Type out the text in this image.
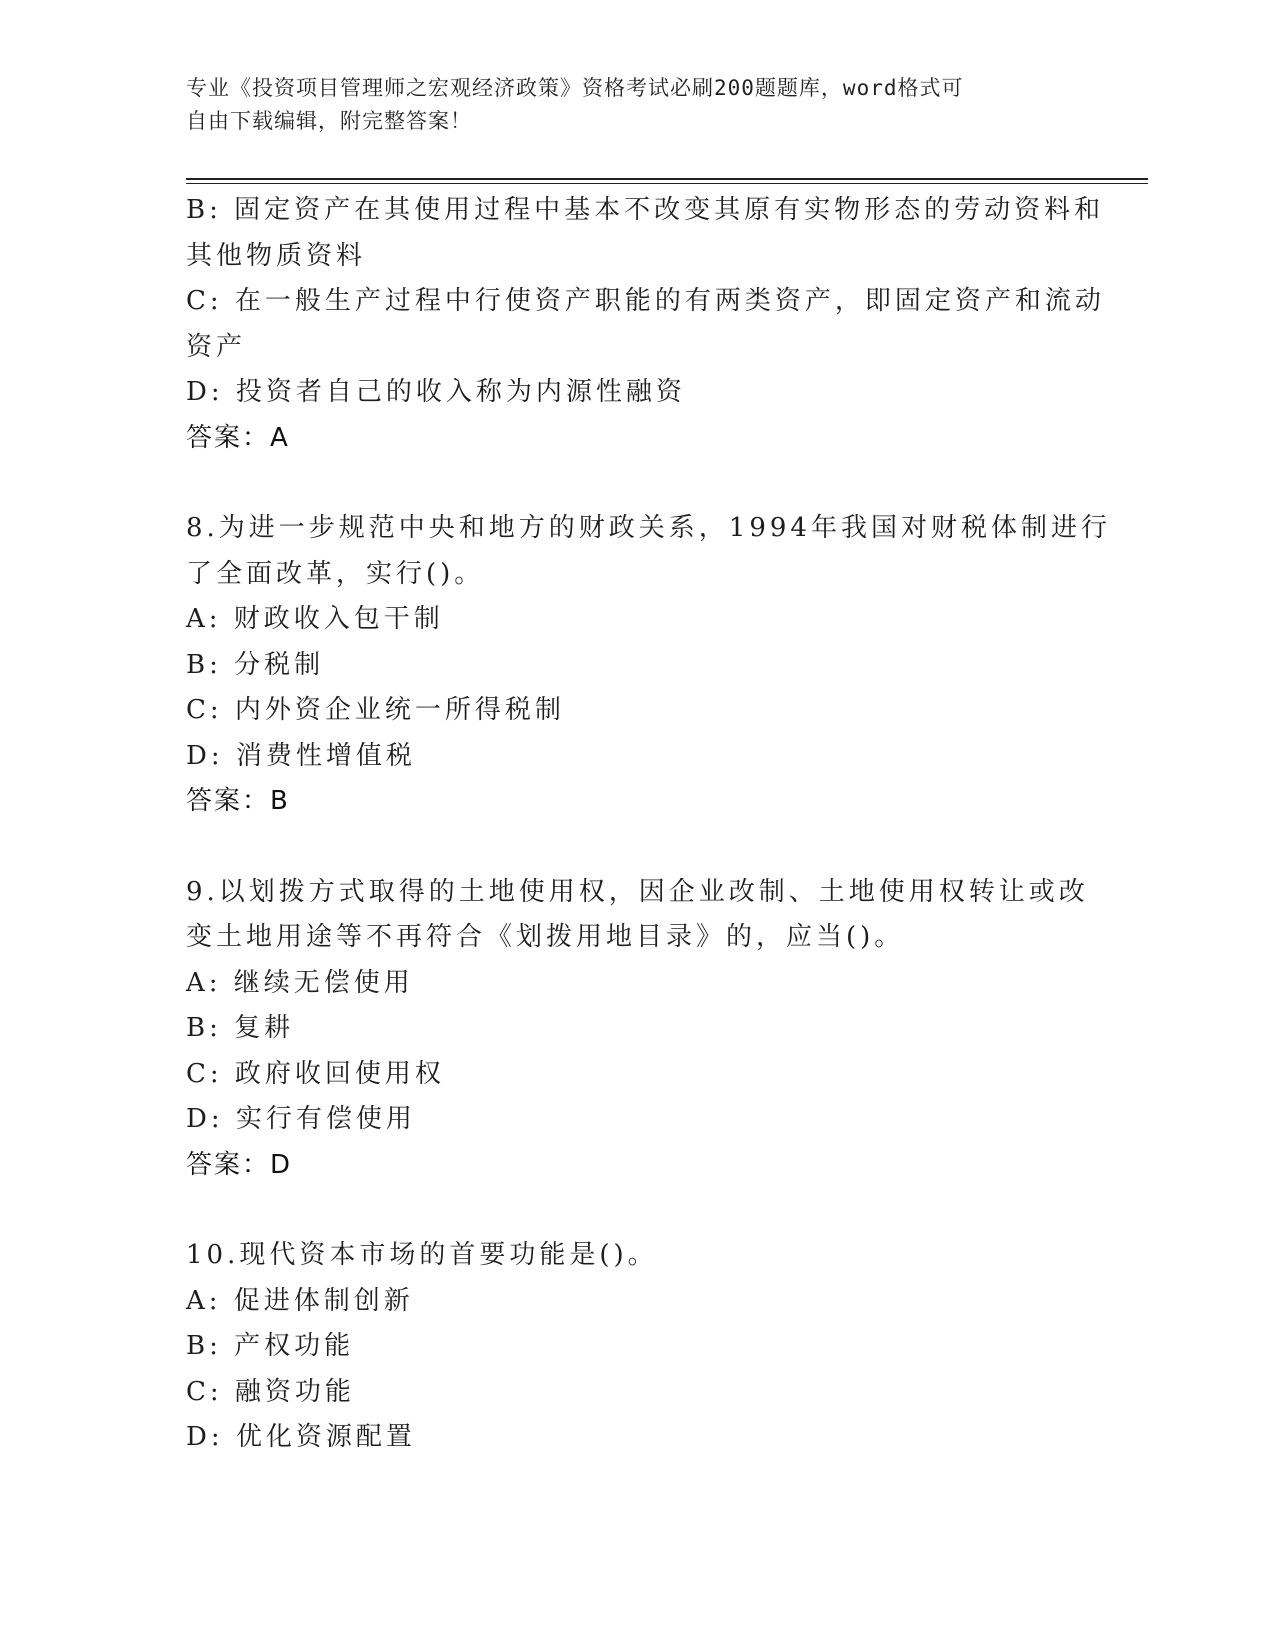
专业《投资项目管理师之宏观经济政策》资格考试必刷200题题库，word格式可
自由下载编辑，附完整答案！
B: 固定资产在其使用过程中基本不改变其原有实物形态的劳动资料和
其他物质资料
C: 在一般生产过程中行使资产职能的有两类资产，即固定资产和流动
资产
D: 投资者自己的收入称为内源性融资
答案：A
8.为进一步规范中央和地方的财政关系，1994年我国对财税体制进行
了全面改革，实行()。
A: 财政收入包干制
B: 分税制
C: 内外资企业统一所得税制
D: 消费性增值税
答案：B
9.以划拨方式取得的土地使用权，因企业改制、土地使用权转让或改
变土地用途等不再符合《划拨用地目录》的，应当()。
A: 继续无偿使用
B: 复耕
C: 政府收回使用权
D: 实行有偿使用
答案：D
10.现代资本市场的首要功能是()。
A: 促进体制创新
B: 产权功能
C: 融资功能
D: 优化资源配置
